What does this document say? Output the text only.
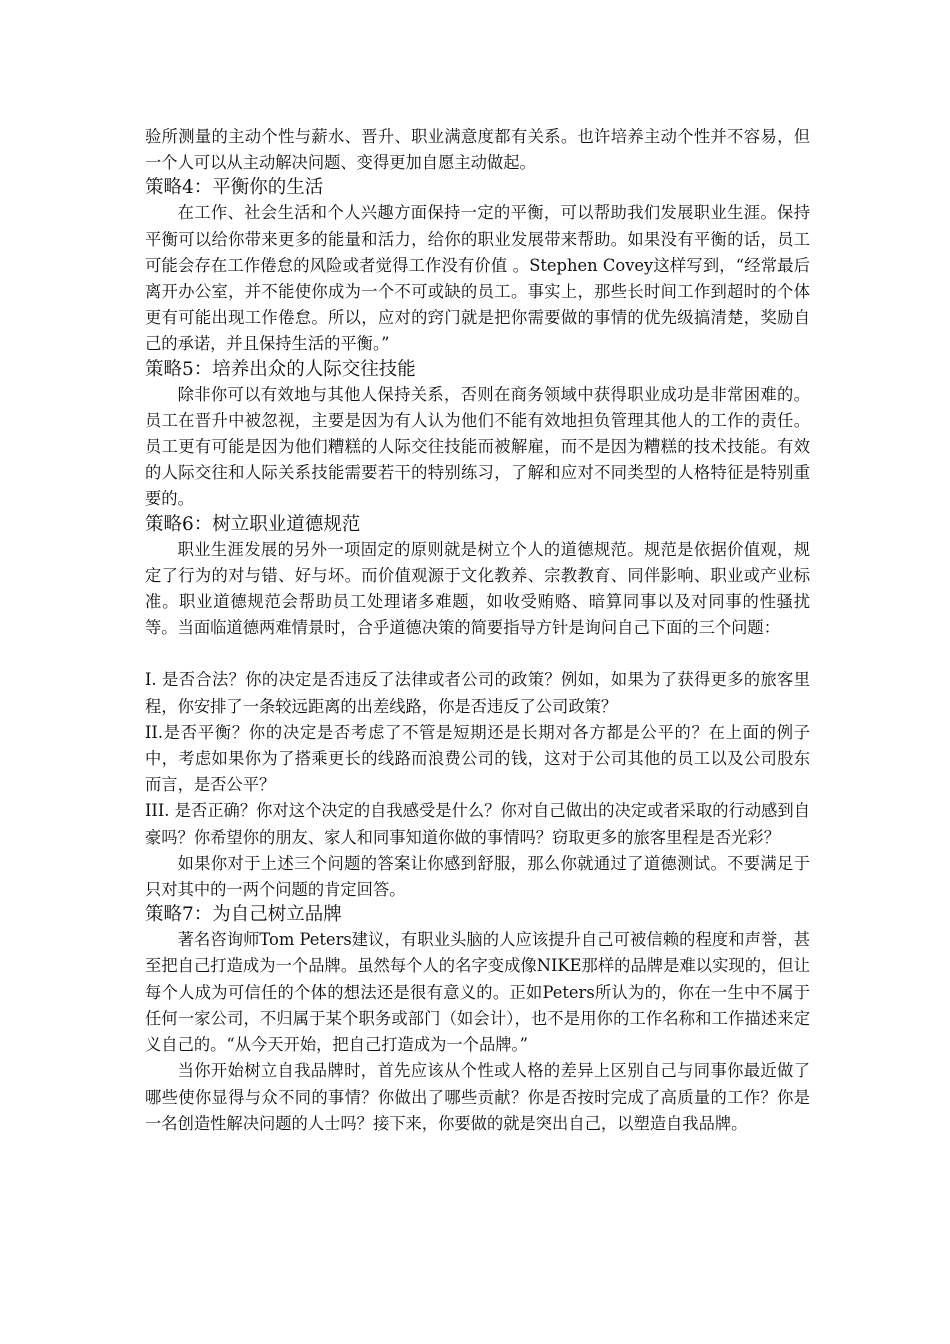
验所测量的主动个性与薪水、晋升、职业满意度都有关系。也许培养主动个性并不容易，但一个人可以从主动解决问题、变得更加自愿主动做起。

策略4：平衡你的生活

在工作、社会生活和个人兴趣方面保持一定的平衡，可以帮助我们发展职业生涯。保持平衡可以给你带来更多的能量和活力，给你的职业发展带来帮助。如果没有平衡的话，员工可能会存在工作倦怠的风险或者觉得工作没有价值 。Stephen Covey这样写到，“经常最后离开办公室，并不能使你成为一个不可或缺的员工。事实上，那些长时间工作到超时的个体更有可能出现工作倦怠。所以，应对的窍门就是把你需要做的事情的优先级搞清楚，奖励自己的承诺，并且保持生活的平衡。”

策略5：培养出众的人际交往技能

除非你可以有效地与其他人保持关系，否则在商务领域中获得职业成功是非常困难的。员工在晋升中被忽视，主要是因为有人认为他们不能有效地担负管理其他人的工作的责任。员工更有可能是因为他们糟糕的人际交往技能而被解雇，而不是因为糟糕的技术技能。有效的人际交往和人际关系技能需要若干的特别练习，了解和应对不同类型的人格特征是特别重要的。

策略6：树立职业道德规范

职业生涯发展的另外一项固定的原则就是树立个人的道德规范。规范是依据价值观，规定了行为的对与错、好与坏。而价值观源于文化教养、宗教教育、同伴影响、职业或产业标准。职业道德规范会帮助员工处理诸多难题，如收受贿赂、暗算同事以及对同事的性骚扰等。当面临道德两难情景时，合乎道德决策的简要指导方针是询问自己下面的三个问题：

I. 是否合法？你的决定是否违反了法律或者公司的政策？例如，如果为了获得更多的旅客里程，你安排了一条较远距离的出差线路，你是否违反了公司政策？

II.是否平衡？你的决定是否考虑了不管是短期还是长期对各方都是公平的？在上面的例子中，考虑如果你为了搭乘更长的线路而浪费公司的钱，这对于公司其他的员工以及公司股东而言，是否公平？

III. 是否正确？你对这个决定的自我感受是什么？你对自己做出的决定或者采取的行动感到自豪吗？你希望你的朋友、家人和同事知道你做的事情吗？窃取更多的旅客里程是否光彩？

如果你对于上述三个问题的答案让你感到舒服，那么你就通过了道德测试。不要满足于只对其中的一两个问题的肯定回答。

策略7：为自己树立品牌

著名咨询师Tom Peters建议，有职业头脑的人应该提升自己可被信赖的程度和声誉，甚至把自己打造成为一个品牌。虽然每个人的名字变成像NIKE那样的品牌是难以实现的，但让每个人成为可信任的个体的想法还是很有意义的。正如Peters所认为的，你在一生中不属于任何一家公司，不归属于某个职务或部门（如会计），也不是用你的工作名称和工作描述来定义自己的。“从今天开始，把自己打造成为一个品牌。”

当你开始树立自我品牌时，首先应该从个性或人格的差异上区别自己与同事你最近做了哪些使你显得与众不同的事情？你做出了哪些贡献？你是否按时完成了高质量的工作？你是一名创造性解决问题的人士吗？接下来，你要做的就是突出自己，以塑造自我品牌。
